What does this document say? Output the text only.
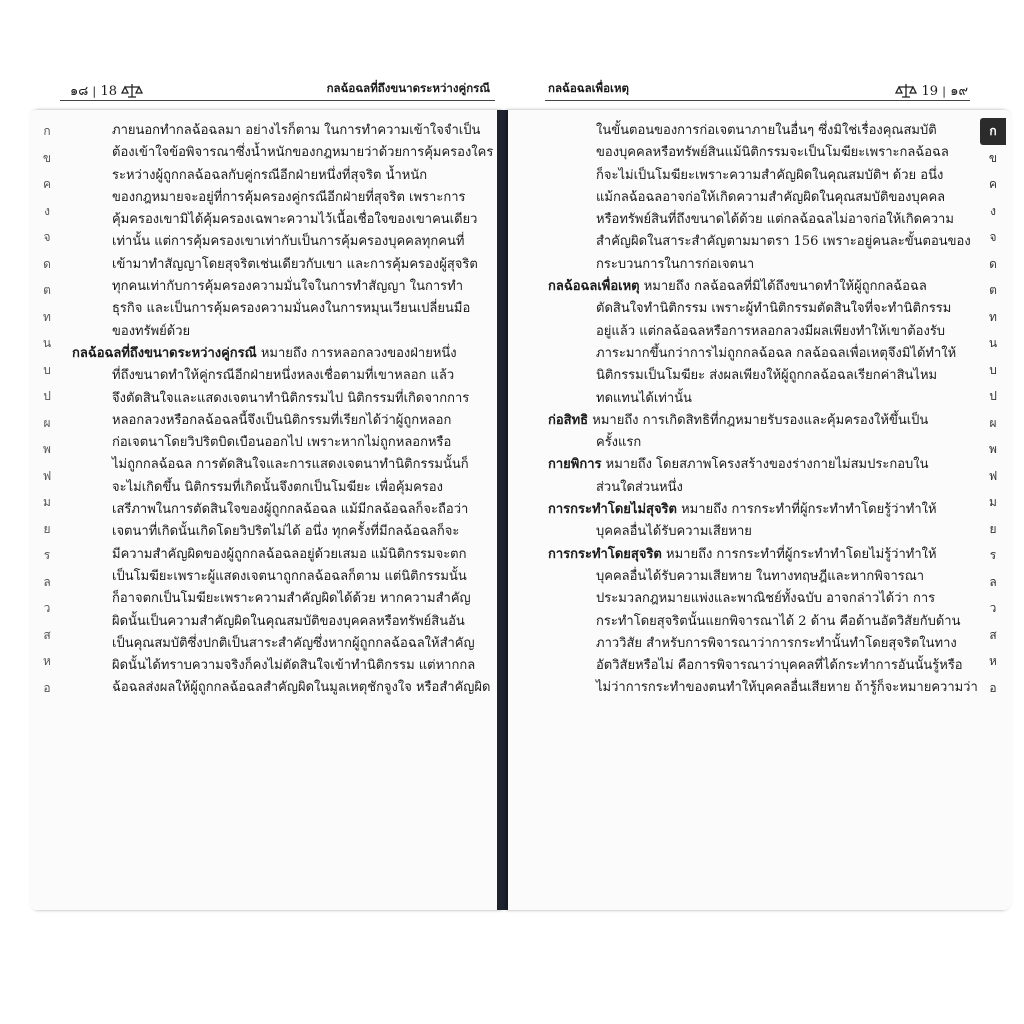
๑๘ | 18	กลฉ้อฉลที่ถึงขนาดระหว่างคู่กรณี	กลฉ้อฉลเพื่อเหตุ	19 | ๑๙
ภายนอกทำกลฉ้อฉลมา อย่างไรก็ตาม ในการทำความเข้าใจจำเป็น
ต้องเข้าใจข้อพิจารณาซึ่งน้ำหนักของกฎหมายว่าด้วยการคุ้มครองใคร
ระหว่างผู้ถูกกลฉ้อฉลกับคู่กรณีอีกฝ่ายหนึ่งที่สุจริต น้ำหนัก
ของกฎหมายจะอยู่ที่การคุ้มครองคู่กรณีอีกฝ่ายที่สุจริต เพราะการ
คุ้มครองเขามิได้คุ้มครองเฉพาะความไว้เนื้อเชื่อใจของเขาคนเดียว
เท่านั้น แต่การคุ้มครองเขาเท่ากับเป็นการคุ้มครองบุคคลทุกคนที่
เข้ามาทำสัญญาโดยสุจริตเช่นเดียวกับเขา และการคุ้มครองผู้สุจริต
ทุกคนเท่ากับการคุ้มครองความมั่นใจในการทำสัญญา ในการทำ
ธุรกิจ และเป็นการคุ้มครองความมั่นคงในการหมุนเวียนเปลี่ยนมือ
ของทรัพย์ด้วย
กลฉ้อฉลที่ถึงขนาดระหว่างคู่กรณี หมายถึง การหลอกลวงของฝ่ายหนึ่ง
ที่ถึงขนาดทำให้คู่กรณีอีกฝ่ายหนึ่งหลงเชื่อตามที่เขาหลอก แล้ว
จึงตัดสินใจและแสดงเจตนาทำนิติกรรมไป นิติกรรมที่เกิดจากการ
หลอกลวงหรือกลฉ้อฉลนี้จึงเป็นนิติกรรมที่เรียกได้ว่าผู้ถูกหลอก
ก่อเจตนาโดยวิปริตบิดเบือนออกไป เพราะหากไม่ถูกหลอกหรือ
ไม่ถูกกลฉ้อฉล การตัดสินใจและการแสดงเจตนาทำนิติกรรมนั้นก็
จะไม่เกิดขึ้น นิติกรรมที่เกิดนั้นจึงตกเป็นโมฆียะ เพื่อคุ้มครอง
เสรีภาพในการตัดสินใจของผู้ถูกกลฉ้อฉล แม้มีกลฉ้อฉลก็จะถือว่า
เจตนาที่เกิดนั้นเกิดโดยวิปริตไม่ได้ อนึ่ง ทุกครั้งที่มีกลฉ้อฉลก็จะ
มีความสำคัญผิดของผู้ถูกกลฉ้อฉลอยู่ด้วยเสมอ แม้นิติกรรมจะตก
เป็นโมฆียะเพราะผู้แสดงเจตนาถูกกลฉ้อฉลก็ตาม แต่นิติกรรมนั้น
ก็อาจตกเป็นโมฆียะเพราะความสำคัญผิดได้ด้วย หากความสำคัญ
ผิดนั้นเป็นความสำคัญผิดในคุณสมบัติของบุคคลหรือทรัพย์สินอัน
เป็นคุณสมบัติซึ่งปกติเป็นสาระสำคัญซึ่งหากผู้ถูกกลฉ้อฉลให้สำคัญ
ผิดนั้นได้ทราบความจริงก็คงไม่ตัดสินใจเข้าทำนิติกรรม แต่หากกล
ฉ้อฉลส่งผลให้ผู้ถูกกลฉ้อฉลสำคัญผิดในมูลเหตุชักจูงใจ หรือสำคัญผิด
ในขั้นตอนของการก่อเจตนาภายในอื่นๆ ซึ่งมิใช่เรื่องคุณสมบัติ
ของบุคคลหรือทรัพย์สินแม้นิติกรรมจะเป็นโมฆียะเพราะกลฉ้อฉล
ก็จะไม่เป็นโมฆียะเพราะความสำคัญผิดในคุณสมบัติฯ ด้วย อนึ่ง
แม้กลฉ้อฉลอาจก่อให้เกิดความสำคัญผิดในคุณสมบัติของบุคคล
หรือทรัพย์สินที่ถึงขนาดได้ด้วย แต่กลฉ้อฉลไม่อาจก่อให้เกิดความ
สำคัญผิดในสาระสำคัญตามมาตรา 156 เพราะอยู่คนละขั้นตอนของ
กระบวนการในการก่อเจตนา
กลฉ้อฉลเพื่อเหตุ หมายถึง กลฉ้อฉลที่มิได้ถึงขนาดทำให้ผู้ถูกกลฉ้อฉล
ตัดสินใจทำนิติกรรม เพราะผู้ทำนิติกรรมตัดสินใจที่จะทำนิติกรรม
อยู่แล้ว แต่กลฉ้อฉลหรือการหลอกลวงมีผลเพียงทำให้เขาต้องรับ
ภาระมากขึ้นกว่าการไม่ถูกกลฉ้อฉล กลฉ้อฉลเพื่อเหตุจึงมิได้ทำให้
นิติกรรมเป็นโมฆียะ ส่งผลเพียงให้ผู้ถูกกลฉ้อฉลเรียกค่าสินไหม
ทดแทนได้เท่านั้น
ก่อสิทธิ หมายถึง การเกิดสิทธิที่กฎหมายรับรองและคุ้มครองให้ขึ้นเป็น
ครั้งแรก
กายพิการ หมายถึง โดยสภาพโครงสร้างของร่างกายไม่สมประกอบใน
ส่วนใดส่วนหนึ่ง
การกระทำโดยไม่สุจริต หมายถึง การกระทำที่ผู้กระทำทำโดยรู้ว่าทำให้
บุคคลอื่นได้รับความเสียหาย
การกระทำโดยสุจริต หมายถึง การกระทำที่ผู้กระทำทำโดยไม่รู้ว่าทำให้
บุคคลอื่นได้รับความเสียหาย ในทางทฤษฎีและหากพิจารณา
ประมวลกฎหมายแพ่งและพาณิชย์ทั้งฉบับ อาจกล่าวได้ว่า การ
กระทำโดยสุจริตนั้นแยกพิจารณาได้ 2 ด้าน คือด้านอัตวิสัยกับด้าน
ภาววิสัย สำหรับการพิจารณาว่าการกระทำนั้นทำโดยสุจริตในทาง
อัตวิสัยหรือไม่ คือการพิจารณาว่าบุคคลที่ได้กระทำการอันนั้นรู้หรือ
ไม่ว่าการกระทำของตนทำให้บุคคลอื่นเสียหาย ถ้ารู้ก็จะหมายความว่า
ก
ข
ค
ง
จ
ด
ต
ท
น
บ
ป
ผ
พ
ฟ
ม
ย
ร
ล
ว
ส
ห
อ
ก
ข
ค
ง
จ
ด
ต
ท
น
บ
ป
ผ
พ
ฟ
ม
ย
ร
ล
ว
ส
ห
อ
